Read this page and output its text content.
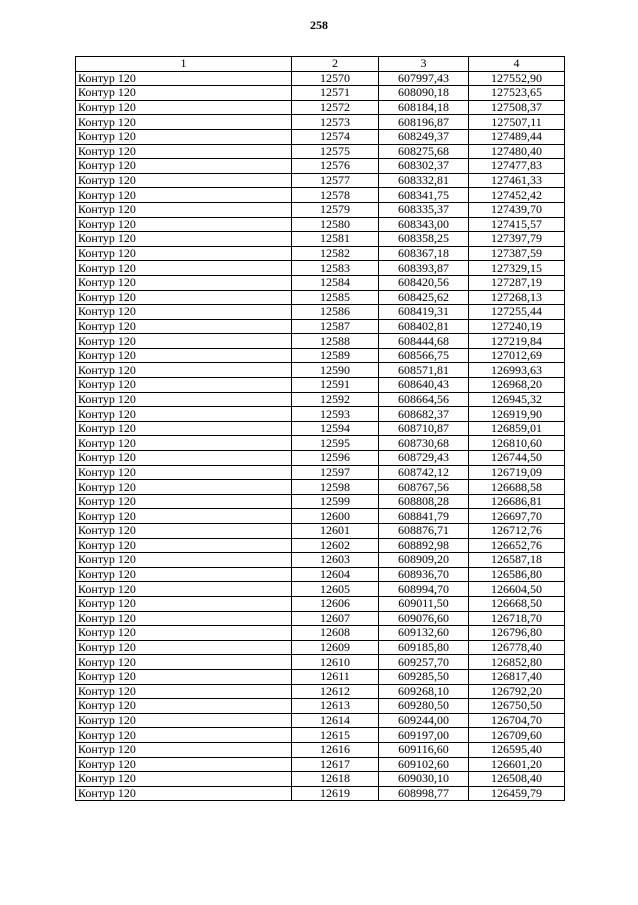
258
1	2	3	4
Контур 120	12570	607997,43	127552,90
Контур 120	12571	608090,18	127523,65
Контур 120	12572	608184,18	127508,37
Контур 120	12573	608196,87	127507,11
Контур 120	12574	608249,37	127489,44
Контур 120	12575	608275,68	127480,40
Контур 120	12576	608302,37	127477,83
Контур 120	12577	608332,81	127461,33
Контур 120	12578	608341,75	127452,42
Контур 120	12579	608335,37	127439,70
Контур 120	12580	608343,00	127415,57
Контур 120	12581	608358,25	127397,79
Контур 120	12582	608367,18	127387,59
Контур 120	12583	608393,87	127329,15
Контур 120	12584	608420,56	127287,19
Контур 120	12585	608425,62	127268,13
Контур 120	12586	608419,31	127255,44
Контур 120	12587	608402,81	127240,19
Контур 120	12588	608444,68	127219,84
Контур 120	12589	608566,75	127012,69
Контур 120	12590	608571,81	126993,63
Контур 120	12591	608640,43	126968,20
Контур 120	12592	608664,56	126945,32
Контур 120	12593	608682,37	126919,90
Контур 120	12594	608710,87	126859,01
Контур 120	12595	608730,68	126810,60
Контур 120	12596	608729,43	126744,50
Контур 120	12597	608742,12	126719,09
Контур 120	12598	608767,56	126688,58
Контур 120	12599	608808,28	126686,81
Контур 120	12600	608841,79	126697,70
Контур 120	12601	608876,71	126712,76
Контур 120	12602	608892,98	126652,76
Контур 120	12603	608909,20	126587,18
Контур 120	12604	608936,70	126586,80
Контур 120	12605	608994,70	126604,50
Контур 120	12606	609011,50	126668,50
Контур 120	12607	609076,60	126718,70
Контур 120	12608	609132,60	126796,80
Контур 120	12609	609185,80	126778,40
Контур 120	12610	609257,70	126852,80
Контур 120	12611	609285,50	126817,40
Контур 120	12612	609268,10	126792,20
Контур 120	12613	609280,50	126750,50
Контур 120	12614	609244,00	126704,70
Контур 120	12615	609197,00	126709,60
Контур 120	12616	609116,60	126595,40
Контур 120	12617	609102,60	126601,20
Контур 120	12618	609030,10	126508,40
Контур 120	12619	608998,77	126459,79
